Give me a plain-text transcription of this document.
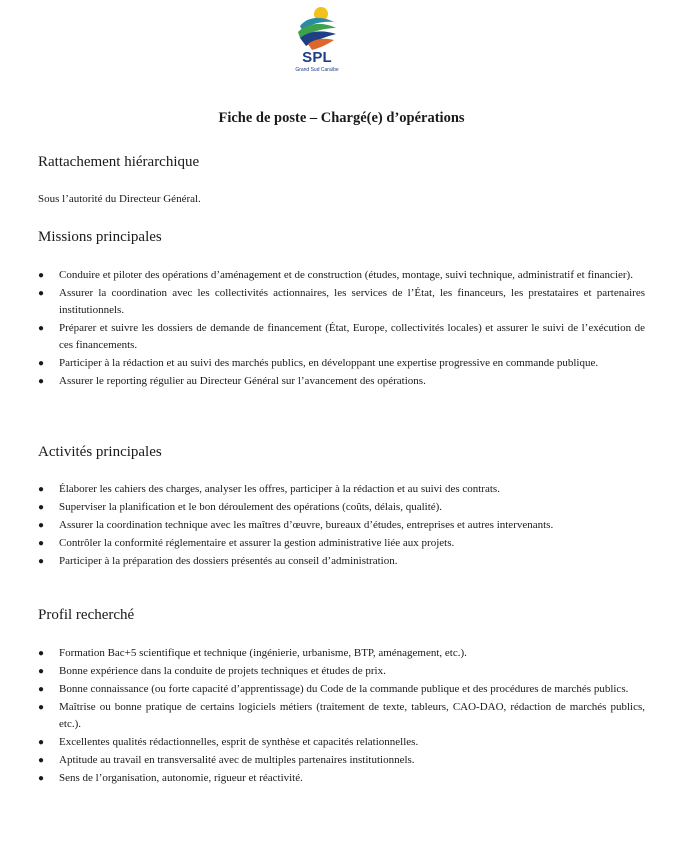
SPL
Grand Sud Caraïbe
Fiche de poste – Chargé(e) d’opérations
Rattachement hiérarchique
Sous l’autorité du Directeur Général.
Missions principales
● Conduire et piloter des opérations d’aménagement et de construction (études, montage, suivi technique, administratif et financier).
● Assurer la coordination avec les collectivités actionnaires, les services de l’État, les financeurs, les prestataires et partenaires institutionnels.
● Préparer et suivre les dossiers de demande de financement (État, Europe, collectivités locales) et assurer le suivi de l’exécution de ces financements.
● Participer à la rédaction et au suivi des marchés publics, en développant une expertise progressive en commande publique.
● Assurer le reporting régulier au Directeur Général sur l’avancement des opérations.
Activités principales
● Élaborer les cahiers des charges, analyser les offres, participer à la rédaction et au suivi des contrats.
● Superviser la planification et le bon déroulement des opérations (coûts, délais, qualité).
● Assurer la coordination technique avec les maîtres d’œuvre, bureaux d’études, entreprises et autres intervenants.
● Contrôler la conformité réglementaire et assurer la gestion administrative liée aux projets.
● Participer à la préparation des dossiers présentés au conseil d’administration.
Profil recherché
● Formation Bac+5 scientifique et technique (ingénierie, urbanisme, BTP, aménagement, etc.).
● Bonne expérience dans la conduite de projets techniques et études de prix.
● Bonne connaissance (ou forte capacité d’apprentissage) du Code de la commande publique et des procédures de marchés publics.
● Maîtrise ou bonne pratique de certains logiciels métiers (traitement de texte, tableurs, CAO-DAO, rédaction de marchés publics, etc.).
● Excellentes qualités rédactionnelles, esprit de synthèse et capacités relationnelles.
● Aptitude au travail en transversalité avec de multiples partenaires institutionnels.
● Sens de l’organisation, autonomie, rigueur et réactivité.
